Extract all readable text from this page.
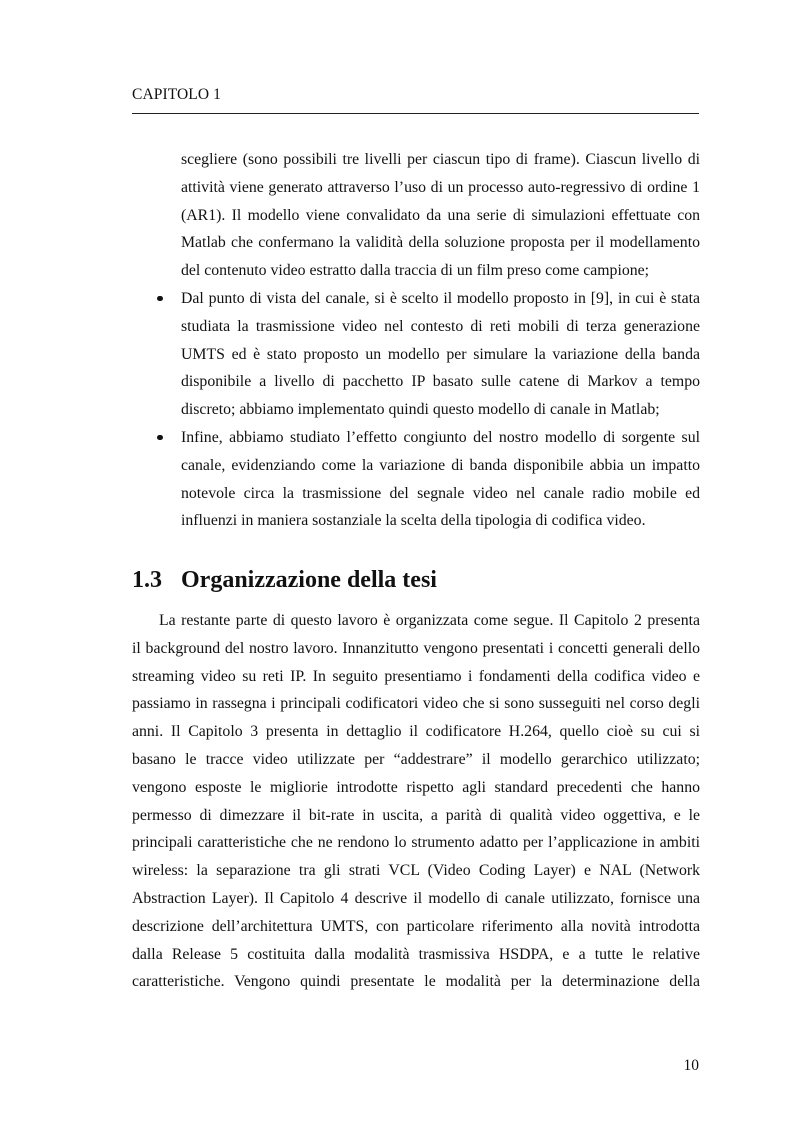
CAPITOLO 1
scegliere (sono possibili tre livelli per ciascun tipo di frame). Ciascun livello di
attività viene generato attraverso l’uso di un processo auto-regressivo di ordine 1
(AR1). Il modello viene convalidato da una serie di simulazioni effettuate con
Matlab che confermano la validità della soluzione proposta per il modellamento
del contenuto video estratto dalla traccia di un film preso come campione;
Dal punto di vista del canale, si è scelto il modello proposto in [9], in cui è stata
studiata la trasmissione video nel contesto di reti mobili di terza generazione
UMTS ed è stato proposto un modello per simulare la variazione della banda
disponibile a livello di pacchetto IP basato sulle catene di Markov a tempo
discreto; abbiamo implementato quindi questo modello di canale in Matlab;
Infine, abbiamo studiato l’effetto congiunto del nostro modello di sorgente sul
canale, evidenziando come la variazione di banda disponibile abbia un impatto
notevole circa la trasmissione del segnale video nel canale radio mobile ed
influenzi in maniera sostanziale la scelta della tipologia di codifica video.
1.3 Organizzazione della tesi
La restante parte di questo lavoro è organizzata come segue. Il Capitolo 2 presenta
il background del nostro lavoro. Innanzitutto vengono presentati i concetti generali dello
streaming video su reti IP. In seguito presentiamo i fondamenti della codifica video e
passiamo in rassegna i principali codificatori video che si sono susseguiti nel corso degli
anni. Il Capitolo 3 presenta in dettaglio il codificatore H.264, quello cioè su cui si
basano le tracce video utilizzate per “addestrare” il modello gerarchico utilizzato;
vengono esposte le migliorie introdotte rispetto agli standard precedenti che hanno
permesso di dimezzare il bit-rate in uscita, a parità di qualità video oggettiva, e le
principali caratteristiche che ne rendono lo strumento adatto per l’applicazione in ambiti
wireless: la separazione tra gli strati VCL (Video Coding Layer) e NAL (Network
Abstraction Layer). Il Capitolo 4 descrive il modello di canale utilizzato, fornisce una
descrizione dell’architettura UMTS, con particolare riferimento alla novità introdotta
dalla Release 5 costituita dalla modalità trasmissiva HSDPA, e a tutte le relative
caratteristiche. Vengono quindi presentate le modalità per la determinazione della
10
